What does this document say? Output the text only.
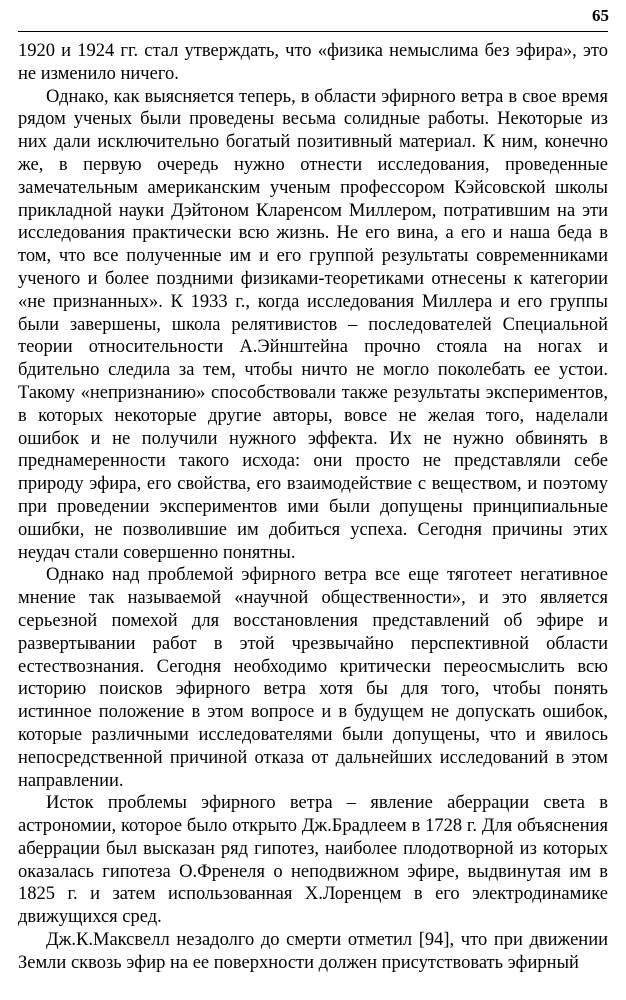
65

1920 и 1924 гг. стал утверждать, что «физика немыслима без эфира», это не изменило ничего.

Однако, как выясняется теперь, в области эфирного ветра в свое время рядом ученых были проведены весьма солидные работы. Некоторые из них дали исключительно богатый позитивный материал. К ним, конечно же, в первую очередь нужно отнести исследования, проведенные замечательным американским ученым профессором Кэйсовской школы прикладной науки Дэйтоном Кларенсом Миллером, потратившим на эти исследования практически всю жизнь. Не его вина, а его и наша беда в том, что все полученные им и его группой результаты современниками ученого и более поздними физиками-теоретиками отнесены к категории «не признанных». К 1933 г., когда исследования Миллера и его группы были завершены, школа релятивистов – последователей Специальной теории относительности А.Эйнштейна прочно стояла на ногах и бдительно следила за тем, чтобы ничто не могло поколебать ее устои. Такому «непризнанию» способствовали также результаты экспериментов, в которых некоторые другие авторы, вовсе не желая того, наделали ошибок и не получили нужного эффекта. Их не нужно обвинять в преднамеренности такого исхода: они просто не представляли себе природу эфира, его свойства, его взаимодействие с веществом, и поэтому при проведении экспериментов ими были допущены принципиальные ошибки, не позволившие им добиться успеха. Сегодня причины этих неудач стали совершенно понятны.

Однако над проблемой эфирного ветра все еще тяготеет негативное мнение так называемой «научной общественности», и это является серьезной помехой для восстановления представлений об эфире и развертывании работ в этой чрезвычайно перспективной области естествознания. Сегодня необходимо критически переосмыслить всю историю поисков эфирного ветра хотя бы для того, чтобы понять истинное положение в этом вопросе и в будущем не допускать ошибок, которые различными исследователями были допущены, что и явилось непосредственной причиной отказа от дальнейших исследований в этом направлении.

Исток проблемы эфирного ветра – явление аберрации света в астрономии, которое было открыто Дж.Брадлеем в 1728 г. Для объяснения аберрации был высказан ряд гипотез, наиболее плодотворной из которых оказалась гипотеза О.Френеля о неподвижном эфире, выдвинутая им в 1825 г. и затем использованная Х.Лоренцем в его электродинамике движущихся сред.

Дж.К.Максвелл незадолго до смерти отметил [94], что при движении Земли сквозь эфир на ее поверхности должен присутствовать эфирный
